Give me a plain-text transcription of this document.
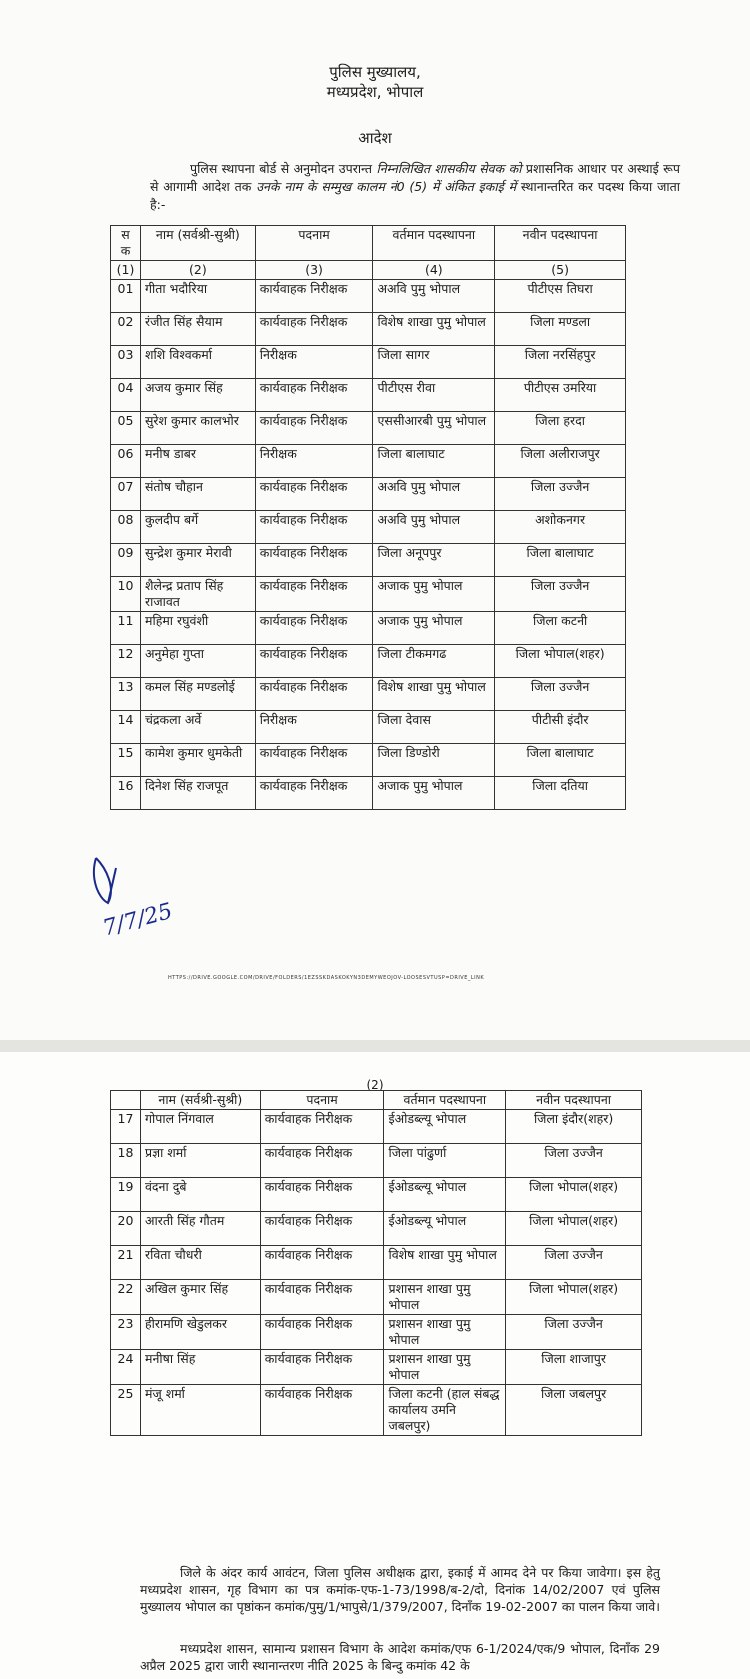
पुलिस मुख्यालय,
मध्यप्रदेश, भोपाल
आदेश
पुलिस स्थापना बोर्ड से अनुमोदन उपरान्त निम्नलिखित शासकीय सेवक को प्रशासनिक आधार पर अस्थाई रूप से आगामी आदेश तक उनके नाम के सम्मुख कालम नं0 (5) में अंकित इकाई में स्थानान्तरित कर पदस्थ किया जाता है:-
स क	नाम (सर्वश्री-सुश्री)	पदनाम	वर्तमान पदस्थापना	नवीन पदस्थापना
(1)	(2)	(3)	(4)	(5)
01	गीता भदौरिया	कार्यवाहक निरीक्षक	अअवि पुमु भोपाल	पीटीएस तिघरा
02	रंजीत सिंह सैयाम	कार्यवाहक निरीक्षक	विशेष शाखा पुमु भोपाल	जिला मण्डला
03	शशि विश्वकर्मा	निरीक्षक	जिला सागर	जिला नरसिंहपुर
04	अजय कुमार सिंह	कार्यवाहक निरीक्षक	पीटीएस रीवा	पीटीएस उमरिया
05	सुरेश कुमार कालभोर	कार्यवाहक निरीक्षक	एससीआरबी पुमु भोपाल	जिला हरदा
06	मनीष डाबर	निरीक्षक	जिला बालाघाट	जिला अलीराजपुर
07	संतोष चौहान	कार्यवाहक निरीक्षक	अअवि पुमु भोपाल	जिला उज्जैन
08	कुलदीप बर्गे	कार्यवाहक निरीक्षक	अअवि पुमु भोपाल	अशोकनगर
09	सुन्द्रेश कुमार मेरावी	कार्यवाहक निरीक्षक	जिला अनूपपुर	जिला बालाघाट
10	शैलेन्द्र प्रताप सिंह राजावत	कार्यवाहक निरीक्षक	अजाक पुमु भोपाल	जिला उज्जैन
11	महिमा रघुवंशी	कार्यवाहक निरीक्षक	अजाक पुमु भोपाल	जिला कटनी
12	अनुमेहा गुप्ता	कार्यवाहक निरीक्षक	जिला टीकमगढ	जिला भोपाल(शहर)
13	कमल सिंह मण्डलोई	कार्यवाहक निरीक्षक	विशेष शाखा पुमु भोपाल	जिला उज्जैन
14	चंद्रकला अर्वे	निरीक्षक	जिला देवास	पीटीसी इंदौर
15	कामेश कुमार धुमकेती	कार्यवाहक निरीक्षक	जिला डिण्डोरी	जिला बालाघाट
16	दिनेश सिंह राजपूत	कार्यवाहक निरीक्षक	अजाक पुमु भोपाल	जिला दतिया
7/7/25
HTTPS://DRIVE.GOOGLE.COM/DRIVE/FOLDERS/1EZSSKDASKOKYN3DEMYWEOJOV-LOOSESVTUSP=DRIVE_LINK
(2)
	नाम (सर्वश्री-सुश्री)	पदनाम	वर्तमान पदस्थापना	नवीन पदस्थापना
17	गोपाल निंगवाल	कार्यवाहक निरीक्षक	ईओडब्ल्यू भोपाल	जिला इंदौर(शहर)
18	प्रज्ञा शर्मा	कार्यवाहक निरीक्षक	जिला पांढुर्णा	जिला उज्जैन
19	वंदना दुबे	कार्यवाहक निरीक्षक	ईओडब्ल्यू भोपाल	जिला भोपाल(शहर)
20	आरती सिंह गौतम	कार्यवाहक निरीक्षक	ईओडब्ल्यू भोपाल	जिला भोपाल(शहर)
21	रविता चौधरी	कार्यवाहक निरीक्षक	विशेष शाखा पुमु भोपाल	जिला उज्जैन
22	अखिल कुमार सिंह	कार्यवाहक निरीक्षक	प्रशासन शाखा पुमु भोपाल	जिला भोपाल(शहर)
23	हीरामणि खेडुलकर	कार्यवाहक निरीक्षक	प्रशासन शाखा पुमु भोपाल	जिला उज्जैन
24	मनीषा सिंह	कार्यवाहक निरीक्षक	प्रशासन शाखा पुमु भोपाल	जिला शाजापुर
25	मंजू शर्मा	कार्यवाहक निरीक्षक	जिला कटनी (हाल संबद्ध कार्यालय उमनि जबलपुर)	जिला जबलपुर
जिले के अंदर कार्य आवंटन, जिला पुलिस अधीक्षक द्वारा, इकाई में आमद देने पर किया जावेगा। इस हेतु मध्यप्रदेश शासन, गृह विभाग का पत्र कमांक-एफ-1-73/1998/ब-2/दो, दिनांक 14/02/2007 एवं पुलिस मुख्यालय भोपाल का पृष्ठांकन कमांक/पुमु/1/भापुसे/1/379/2007, दिनाँक 19-02-2007 का पालन किया जावे।
मध्यप्रदेश शासन, सामान्य प्रशासन विभाग के आदेश कमांक/एफ 6-1/2024/एक/9 भोपाल, दिनाँक 29 अप्रैल 2025 द्वारा जारी स्थानान्तरण नीति 2025 के बिन्दु कमांक 42 के
